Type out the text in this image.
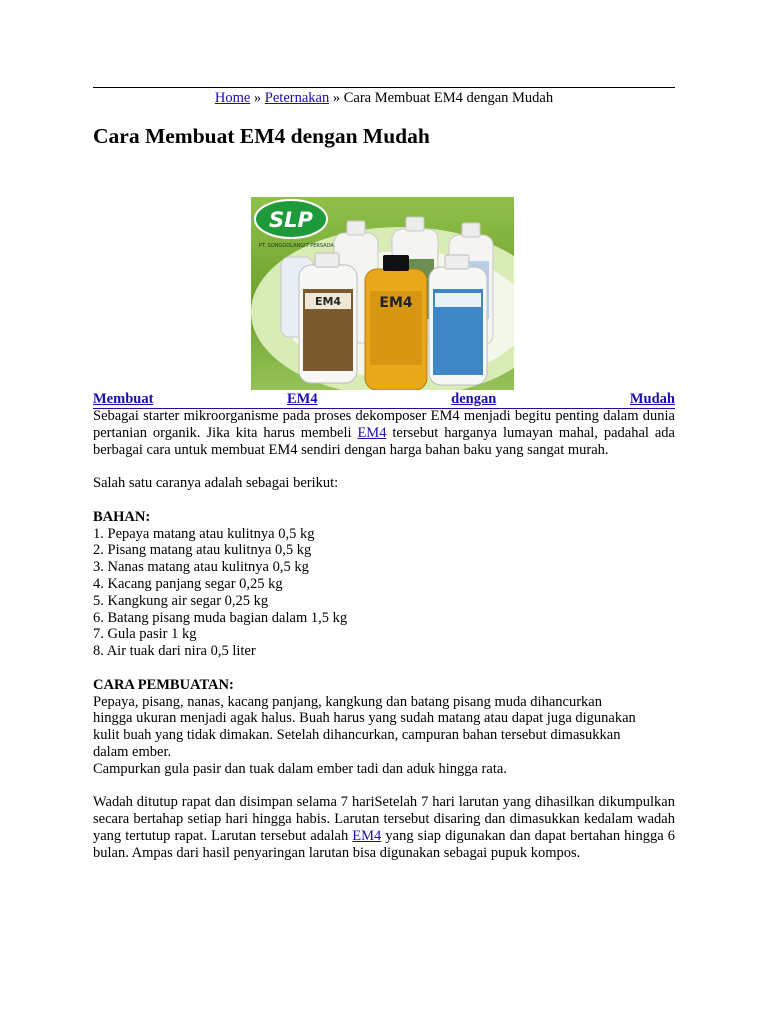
Home » Peternakan » Cara Membuat EM4 dengan Mudah
Cara Membuat EM4 dengan Mudah
SLP
PT. SONGGOLANGIT PERSADA
EM4	EM4
Membuat	EM4	dengan	Mudah

Sebagai starter mikroorganisme pada proses dekomposer EM4 menjadi begitu penting dalam dunia pertanian organik. Jika kita harus membeli EM4 tersebut harganya lumayan mahal, padahal ada berbagai cara untuk membuat EM4 sendiri dengan harga bahan baku yang sangat murah.

Salah satu caranya adalah sebagai berikut:

BAHAN:

1. Pepaya matang atau kulitnya 0,5 kg

2. Pisang matang atau kulitnya 0,5 kg

3. Nanas matang atau kulitnya 0,5 kg

4. Kacang panjang segar 0,25 kg

5. Kangkung air segar 0,25 kg

6. Batang pisang muda bagian dalam 1,5 kg

7. Gula pasir 1 kg

8. Air tuak dari nira 0,5 liter

CARA PEMBUATAN:

Pepaya, pisang, nanas, kacang panjang, kangkung dan batang pisang muda dihancurkan

hingga ukuran menjadi agak halus. Buah harus yang sudah matang atau dapat juga digunakan

kulit buah yang tidak dimakan. Setelah dihancurkan, campuran bahan tersebut dimasukkan

dalam ember.

Campurkan gula pasir dan tuak dalam ember tadi dan aduk hingga rata.

Wadah ditutup rapat dan disimpan selama 7 hariSetelah 7 hari larutan yang dihasilkan dikumpulkan secara bertahap setiap hari hingga habis. Larutan tersebut disaring dan dimasukkan kedalam wadah yang tertutup rapat. Larutan tersebut adalah EM4 yang siap digunakan dan dapat bertahan hingga 6 bulan. Ampas dari hasil penyaringan larutan bisa digunakan sebagai pupuk kompos.
